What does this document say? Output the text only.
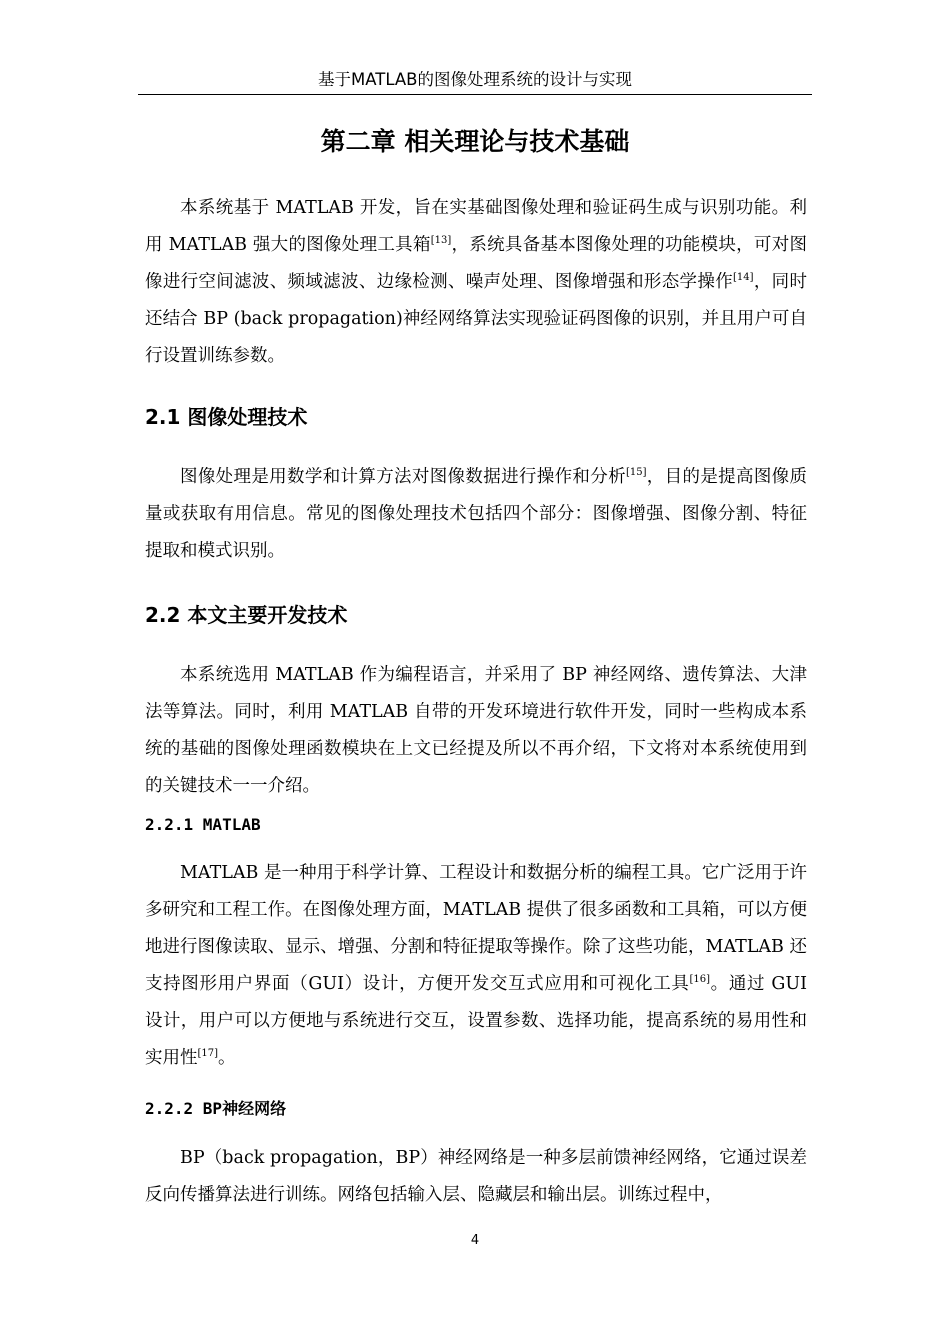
基于MATLAB的图像处理系统的设计与实现
第二章 相关理论与技术基础

本系统基于 MATLAB 开发，旨在实基础图像处理和验证码生成与识别功能。利用 MATLAB 强大的图像处理工具箱[13]，系统具备基本图像处理的功能模块，可对图像进行空间滤波、频域滤波、边缘检测、噪声处理、图像增强和形态学操作[14]，同时还结合 BP (back propagation)神经网络算法实现验证码图像的识别，并且用户可自行设置训练参数。

2.1 图像处理技术

图像处理是用数学和计算方法对图像数据进行操作和分析[15]，目的是提高图像质量或获取有用信息。常见的图像处理技术包括四个部分：图像增强、图像分割、特征提取和模式识别。

2.2 本文主要开发技术

本系统选用 MATLAB 作为编程语言，并采用了 BP 神经网络、遗传算法、大津法等算法。同时，利用 MATLAB 自带的开发环境进行软件开发，同时一些构成本系统的基础的图像处理函数模块在上文已经提及所以不再介绍，下文将对本系统使用到的关键技术一一介绍。

2.2.1 MATLAB

MATLAB 是一种用于科学计算、工程设计和数据分析的编程工具。它广泛用于许多研究和工程工作。在图像处理方面，MATLAB 提供了很多函数和工具箱，可以方便地进行图像读取、显示、增强、分割和特征提取等操作。除了这些功能，MATLAB 还支持图形用户界面（GUI）设计，方便开发交互式应用和可视化工具[16]。通过 GUI 设计，用户可以方便地与系统进行交互，设置参数、选择功能，提高系统的易用性和实用性[17]。

2.2.2 BP神经网络

BP（back propagation，BP）神经网络是一种多层前馈神经网络，它通过误差反向传播算法进行训练。网络包括输入层、隐藏层和输出层。训练过程中，

4
